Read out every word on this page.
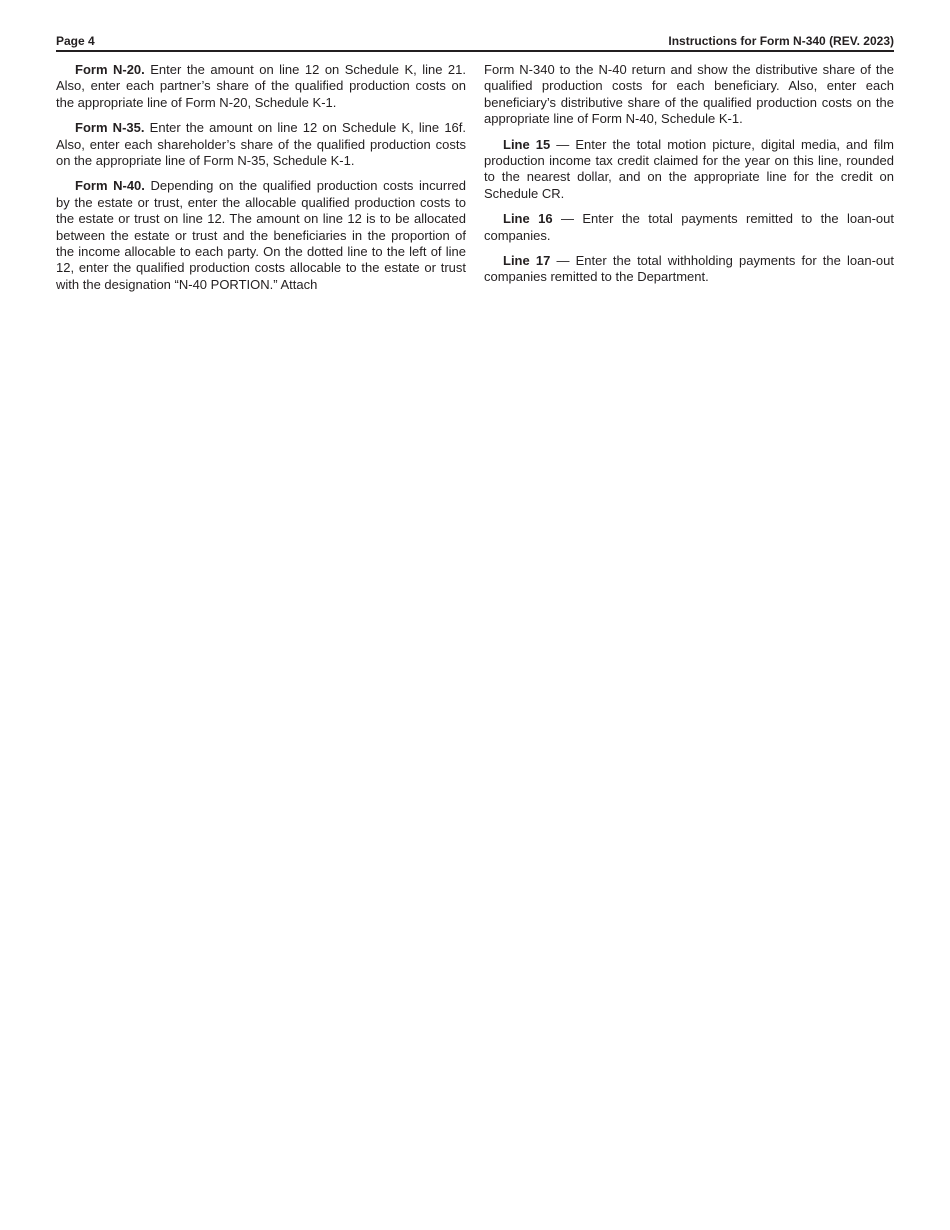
Page 4	Instructions for Form N-340 (REV. 2023)

Form N-20. Enter the amount on line 12 on Schedule K, line 21. Also, enter each partner’s share of the qualified production costs on the appropriate line of Form N-20, Schedule K-1.

Form N-35. Enter the amount on line 12 on Schedule K, line 16f. Also, enter each shareholder’s share of the qualified production costs on the appropriate line of Form N-35, Schedule K-1.

Form N-40. Depending on the qualified production costs incurred by the estate or trust, enter the allocable qualified production costs to the estate or trust on line 12. The amount on line 12 is to be allocated between the estate or trust and the beneficiaries in the proportion of the income allocable to each party. On the dotted line to the left of line 12, enter the qualified production costs allocable to the estate or trust with the designation “N-40 PORTION.” Attach

Form N-340 to the N-40 return and show the distributive share of the qualified production costs for each beneficiary. Also, enter each beneficiary’s distributive share of the qualified production costs on the appropriate line of Form N-40, Schedule K-1.

Line 15 — Enter the total motion picture, digital media, and film production income tax credit claimed for the year on this line, rounded to the nearest dollar, and on the appropriate line for the credit on Schedule CR.

Line 16 — Enter the total payments remitted to the loan-out companies.

Line 17 — Enter the total withholding payments for the loan-out companies remitted to the Department.
